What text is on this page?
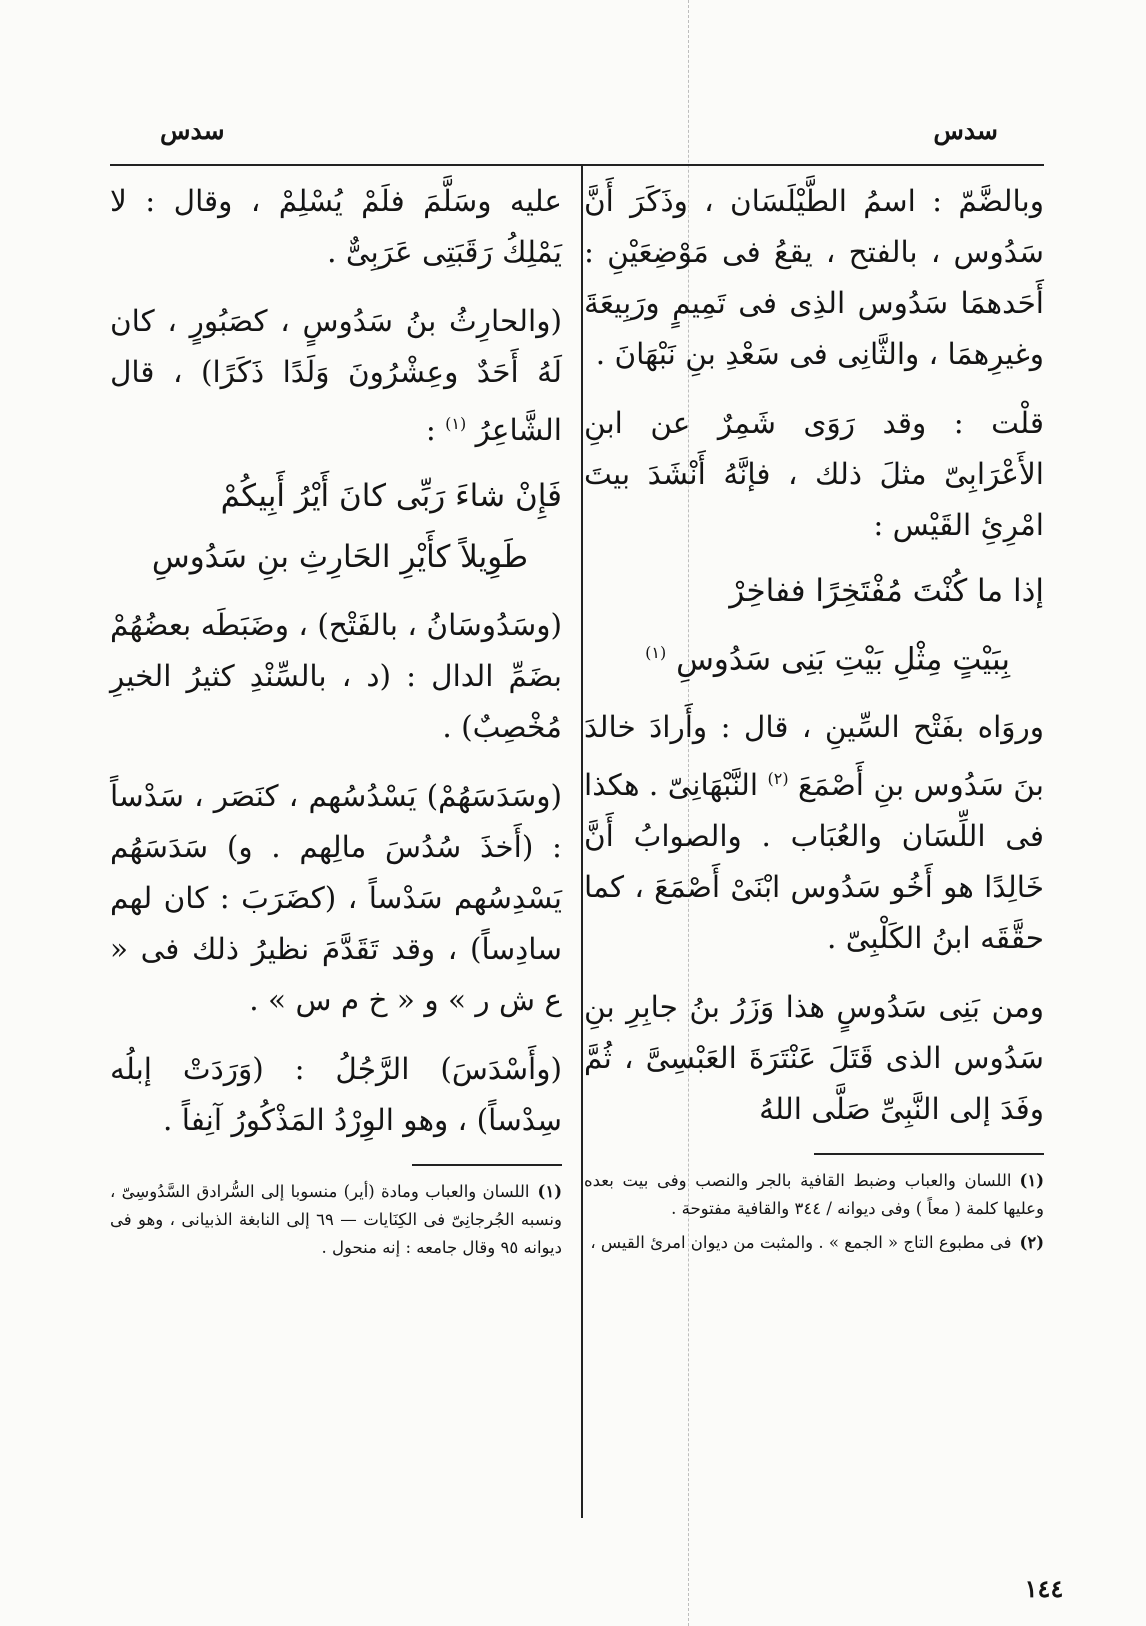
سدس
سدس

وبالضَّمّ : اسمُ الطَّيْلَسَان ، وذَكَرَ أَنَّ سَدُوس ، بالفتح ، يقعُ فى مَوْضِعَيْنِ : أَحَدهمَا سَدُوس الذِى فى تَمِيمٍ ورَبِيعَةَ وغيرِهمَا ، والثَّانِى فى سَعْدِ بنِ نَبْهَانَ .

قلْت : وقد رَوَى شَمِرٌ عن ابنِ الأَعْرَابِىّ مثلَ ذلك ، فإنَّهُ أَنْشَدَ بيتَ امْرِئِ القَيْس :

إذا ما كُنْتَ مُفْتَخِرًا ففاخِرْ
بِبَيْتٍ مِثْلِ بَيْتِ بَنِى سَدُوسِ $^{(١)}$

وروَاه بفَتْح السِّينِ ، قال : وأَرادَ خالدَ بنَ سَدُوس بنِ أَصْمَعَ $^{(٢)}$ النَّبْهَانِىّ . هكذا فى اللِّسَان والعُبَاب . والصوابُ أَنَّ خَالِدًا هو أَخُو سَدُوس ابْنَىْ أَصْمَعَ ، كما حقَّقَه ابنُ الكَلْبِىّ .

ومن بَنِى سَدُوسٍ هذا وَزَرُ بنُ جابِرِ بنِ سَدُوس الذى قَتَلَ عَنْتَرَةَ العَبْسِىَّ ، ثُمَّ وفَدَ إلى النَّبِىِّ صَلَّى اللهُ

(١)اللسان والعباب وضبط القافية بالجر والنصب وفى بيت بعده وعليها كلمة ( معاً ) وفى ديوانه / ٣٤٤ والقافية مفتوحة .

(٢)فى مطبوع التاج « الجمع » . والمثبت من ديوان امرئ القيس ،

عليه وسَلَّمَ فلَمْ يُسْلِمْ ، وقال : لا يَمْلِكُ رَقَبَتِى عَرَبِىٌّ .

(والحارِثُ بنُ سَدُوسٍ ، كصَبُورٍ ، كان لَهُ أَحَدٌ وعِشْرُونَ وَلَدًا ذَكَرًا) ، قال الشَّاعِرُ $^{(١)}$ :

فَإِنْ شاءَ رَبِّى كانَ أَيْرُ أَبِيكُمْ
طَوِيلاً كأَيْرِ الحَارِثِ بنِ سَدُوسِ

(وسَدُوسَانُ ، بالفَتْح) ، وضَبَطَه بعضُهُمْ بضَمِّ الدال : (د ، بالسِّنْدِ كثيرُ الخيرِ مُخْصِبٌ) .

(وسَدَسَهُمْ) يَسْدُسُهم ، كنَصَر ، سَدْساً : (أَخذَ سُدُسَ مالِهم . و) سَدَسَهُم يَسْدِسُهم سَدْساً ، (كضَرَبَ : كان لهم سادِساً) ، وقد تَقَدَّمَ نظيرُ ذلك فى « ع ش ر » و « خ م س » .

(وأَسْدَسَ) الرَّجُلُ : (وَرَدَتْ إبلُه سِدْساً) ، وهو الوِرْدُ المَذْكُورُ آنِفاً .

(١)اللسان والعباب ومادة (أير) منسوبا إلى السُّرادق السَّدُوسِىّ ، ونسبه الجُرجانِىّ فى الكِنَايات — ٦٩ إلى النابغة الذبيانى ، وهو فى ديوانه ٩٥ وقال جامعه : إنه منحول .

١٤٤
